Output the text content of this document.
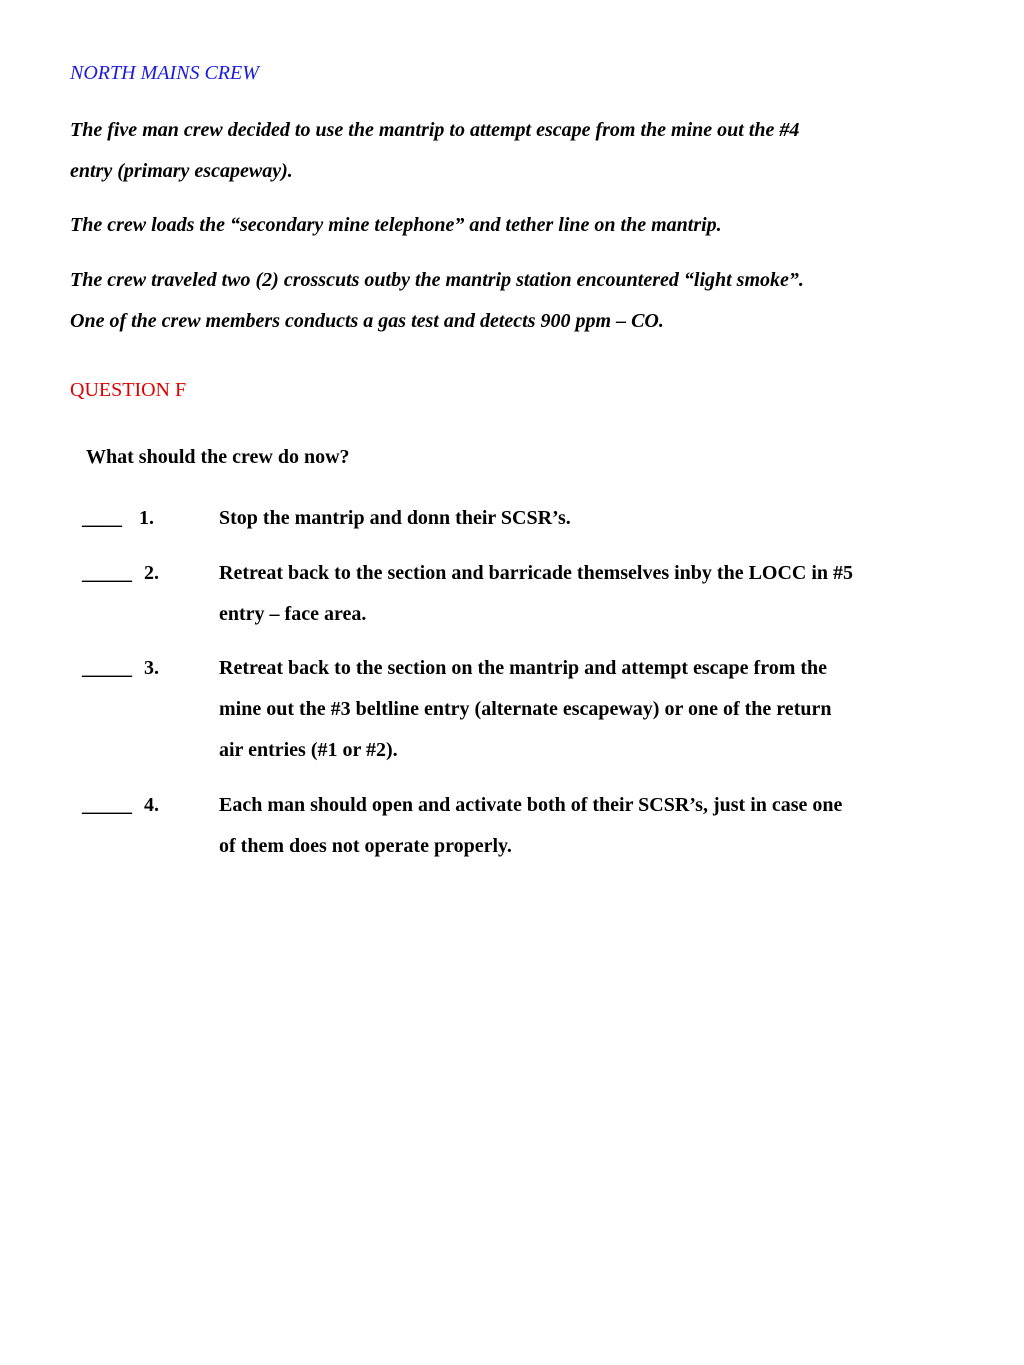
NORTH MAINS CREW
The five man crew decided to use the mantrip to attempt escape from the mine out the #4
entry (primary escapeway).
The crew loads the “secondary mine telephone” and tether line on the mantrip.
The crew traveled two (2) crosscuts outby the mantrip station encountered “light smoke”.
One of the crew members conducts a gas test and detects 900 ppm – CO.
QUESTION F
What should the crew do now?
____ 1.	Stop the mantrip and donn their SCSR’s.
_____ 2.	Retreat back to the section and barricade themselves inby the LOCC in #5
entry – face area.
_____ 3.	Retreat back to the section on the mantrip and attempt escape from the
mine out the #3 beltline entry (alternate escapeway) or one of the return
air entries (#1 or #2).
_____ 4.	Each man should open and activate both of their SCSR’s, just in case one
of them does not operate properly.
